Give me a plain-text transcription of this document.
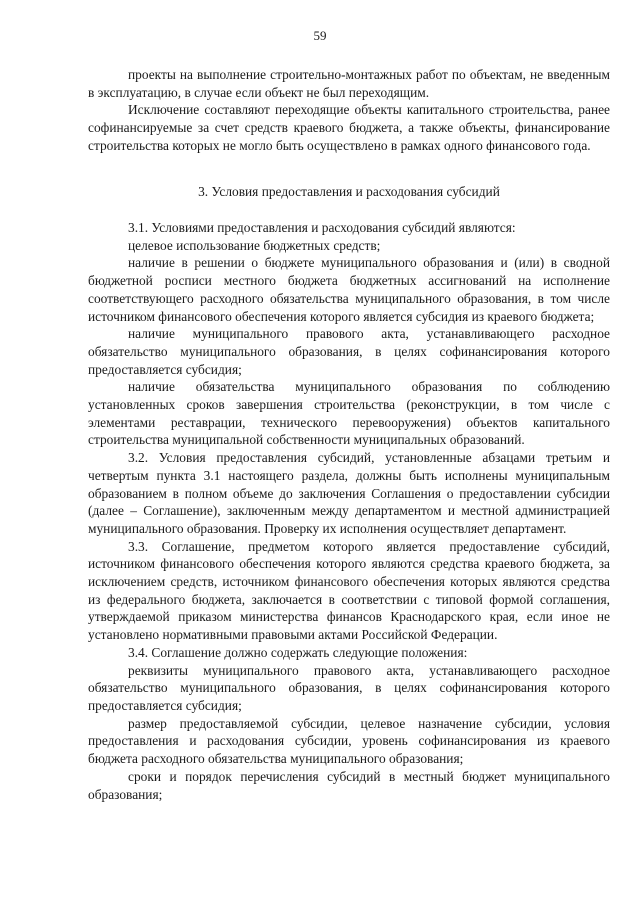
59

проекты на выполнение строительно-монтажных работ по объектам, не введенным в эксплуатацию, в случае если объект не был переходящим.

Исключение составляют переходящие объекты капитального строительства, ранее софинансируемые за счет средств краевого бюджета, а также объекты, финансирование строительства которых не могло быть осуществлено в рамках одного финансового года.

3. Условия предоставления и расходования субсидий

3.1. Условиями предоставления и расходования субсидий являются:

целевое использование бюджетных средств;

наличие в решении о бюджете муниципального образования и (или) в сводной бюджетной росписи местного бюджета бюджетных ассигнований на исполнение соответствующего расходного обязательства муниципального образования, в том числе источником финансового обеспечения которого является субсидия из краевого бюджета;

наличие муниципального правового акта, устанавливающего расходное обязательство муниципального образования, в целях софинансирования которого предоставляется субсидия;

наличие обязательства муниципального образования по соблюдению установленных сроков завершения строительства (реконструкции, в том числе с элементами реставрации, технического перевооружения) объектов капитального строительства муниципальной собственности муниципальных образований.

3.2. Условия предоставления субсидий, установленные абзацами третьим и четвертым пункта 3.1 настоящего раздела, должны быть исполнены муниципальным образованием в полном объеме до заключения Соглашения о предоставлении субсидии (далее – Соглашение), заключенным между департаментом и местной администрацией муниципального образования. Проверку их исполнения осуществляет департамент.

3.3. Соглашение, предметом которого является предоставление субсидий, источником финансового обеспечения которого являются средства краевого бюджета, за исключением средств, источником финансового обеспечения которых являются средства из федерального бюджета, заключается в соответствии с типовой формой соглашения, утверждаемой приказом министерства финансов Краснодарского края, если иное не установлено нормативными правовыми актами Российской Федерации.

3.4. Соглашение должно содержать следующие положения:

реквизиты муниципального правового акта, устанавливающего расходное обязательство муниципального образования, в целях софинансирования которого предоставляется субсидия;

размер предоставляемой субсидии, целевое назначение субсидии, условия предоставления и расходования субсидии, уровень софинансирования из краевого бюджета расходного обязательства муниципального образования;

сроки и порядок перечисления субсидий в местный бюджет муниципального образования;
